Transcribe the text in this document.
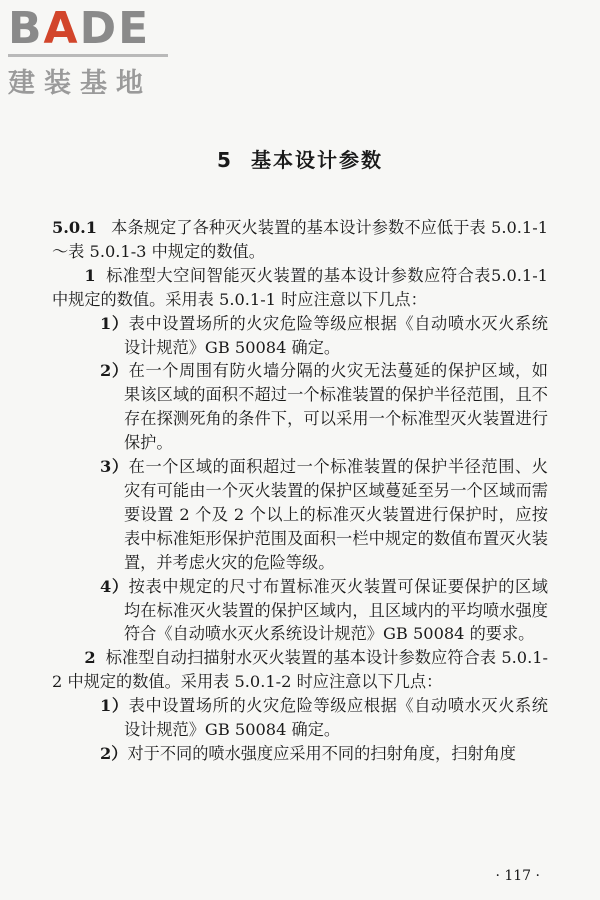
BADE
建装基地
5 基本设计参数

5.0.1 本条规定了各种灭火装置的基本设计参数不应低于表 5.0.1-1～表 5.0.1-3 中规定的数值。

1 标准型大空间智能灭火装置的基本设计参数应符合表5.0.1-1中规定的数值。采用表 5.0.1-1 时应注意以下几点：

1）表中设置场所的火灾危险等级应根据《自动喷水灭火系统设计规范》GB 50084 确定。

2）在一个周围有防火墙分隔的火灾无法蔓延的保护区域，如果该区域的面积不超过一个标准装置的保护半径范围，且不存在探测死角的条件下，可以采用一个标准型灭火装置进行保护。

3）在一个区域的面积超过一个标准装置的保护半径范围、火灾有可能由一个灭火装置的保护区域蔓延至另一个区域而需要设置 2 个及 2 个以上的标准灭火装置进行保护时，应按表中标准矩形保护范围及面积一栏中规定的数值布置灭火装置，并考虑火灾的危险等级。

4）按表中规定的尺寸布置标准灭火装置可保证要保护的区域均在标准灭火装置的保护区域内，且区域内的平均喷水强度符合《自动喷水灭火系统设计规范》GB 50084 的要求。

2 标准型自动扫描射水灭火装置的基本设计参数应符合表 5.0.1-2 中规定的数值。采用表 5.0.1-2 时应注意以下几点：

1）表中设置场所的火灾危险等级应根据《自动喷水灭火系统设计规范》GB 50084 确定。

2）对于不同的喷水强度应采用不同的扫射角度，扫射角度

· 117 ·
